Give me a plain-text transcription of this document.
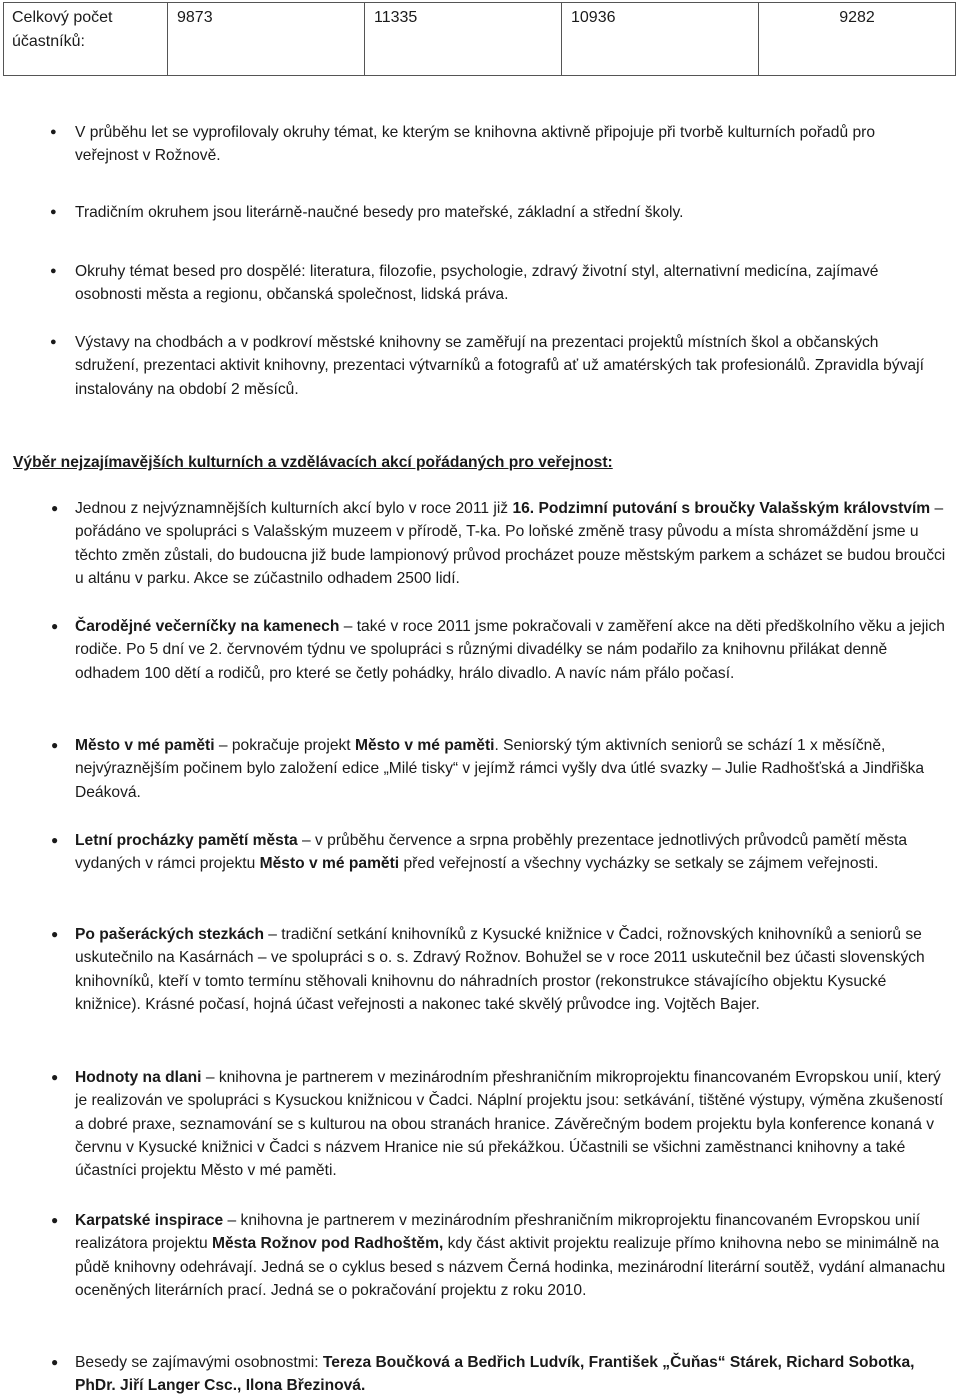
Celkový počet účastníků:	9873	11335	10936	9282
● V průběhu let se vyprofilovaly okruhy témat, ke kterým se knihovna aktivně připojuje při tvorbě kulturních pořadů pro veřejnost v Rožnově.
● Tradičním okruhem jsou literárně-naučné besedy pro mateřské, základní a střední školy.
● Okruhy témat besed pro dospělé: literatura, filozofie, psychologie, zdravý životní styl, alternativní medicína, zajímavé osobnosti města a regionu, občanská společnost, lidská práva.
● Výstavy na chodbách a v podkroví městské knihovny se zaměřují na prezentaci projektů místních škol a občanských sdružení, prezentaci aktivit knihovny, prezentaci výtvarníků a fotografů ať už amatérských tak profesionálů. Zpravidla bývají instalovány na období 2 měsíců.
Výběr nejzajímavějších kulturních a vzdělávacích akcí pořádaných pro veřejnost:
● Jednou z nejvýznamnějších kulturních akcí bylo v roce 2011 již 16. Podzimní putování s broučky Valašským královstvím – pořádáno ve spolupráci s Valašským muzeem v přírodě, T-ka. Po loňské změně trasy původu a místa shromáždění jsme u těchto změn zůstali, do budoucna již bude lampionový průvod procházet pouze městským parkem a scházet se budou broučci u altánu v parku. Akce se zúčastnilo odhadem 2500 lidí.
● Čarodějné večerníčky na kamenech – také v roce 2011 jsme pokračovali v zaměření akce na děti předškolního věku a jejich rodiče. Po 5 dní ve 2. červnovém týdnu ve spolupráci s různými divadélky se nám podařilo za knihovnu přilákat denně odhadem 100 dětí a rodičů, pro které se četly pohádky, hrálo divadlo. A navíc nám přálo počasí.
● Město v mé paměti – pokračuje projekt Město v mé paměti. Seniorský tým aktivních seniorů se schází 1 x měsíčně, nejvýraznějším počinem bylo založení edice „Milé tisky“ v jejímž rámci vyšly dva útlé svazky – Julie Radhošťská a Jindřiška Deáková.
● Letní procházky pamětí města – v průběhu července a srpna proběhly prezentace jednotlivých průvodců pamětí města vydaných v rámci projektu Město v mé paměti před veřejností a všechny vycházky se setkaly se zájmem veřejnosti.
● Po pašeráckých stezkách – tradiční setkání knihovníků z Kysucké knižnice v Čadci, rožnovských knihovníků a seniorů se uskutečnilo na Kasárnách – ve spolupráci s o. s. Zdravý Rožnov. Bohužel se v roce 2011 uskutečnil bez účasti slovenských knihovníků, kteří v tomto termínu stěhovali knihovnu do náhradních prostor (rekonstrukce stávajícího objektu Kysucké knižnice). Krásné počasí, hojná účast veřejnosti a nakonec také skvělý průvodce ing. Vojtěch Bajer.
● Hodnoty na dlani – knihovna je partnerem v mezinárodním přeshraničním mikroprojektu financovaném Evropskou unií, který je realizován ve spolupráci s Kysuckou knižnicou v Čadci. Náplní projektu jsou: setkávání, tištěné výstupy, výměna zkušeností a dobré praxe, seznamování se s kulturou na obou stranách hranice. Závěrečným bodem projektu byla konference konaná v červnu v Kysucké knižnici v Čadci s názvem Hranice nie sú překážkou. Účastnili se všichni zaměstnanci knihovny a také účastníci projektu Město v mé paměti.
● Karpatské inspirace – knihovna je partnerem v mezinárodním přeshraničním mikroprojektu financovaném Evropskou unií realizátora projektu Města Rožnov pod Radhoštěm, kdy část aktivit projektu realizuje přímo knihovna nebo se minimálně na půdě knihovny odehrávají. Jedná se o cyklus besed s názvem Černá hodinka, mezinárodní literární soutěž, vydání almanachu oceněných literárních prací. Jedná se o pokračování projektu z roku 2010.
● Besedy se zajímavými osobnostmi: Tereza Boučková a Bedřich Ludvík, František „Čuňas“ Stárek, Richard Sobotka, PhDr. Jiří Langer Csc., Ilona Březinová.
